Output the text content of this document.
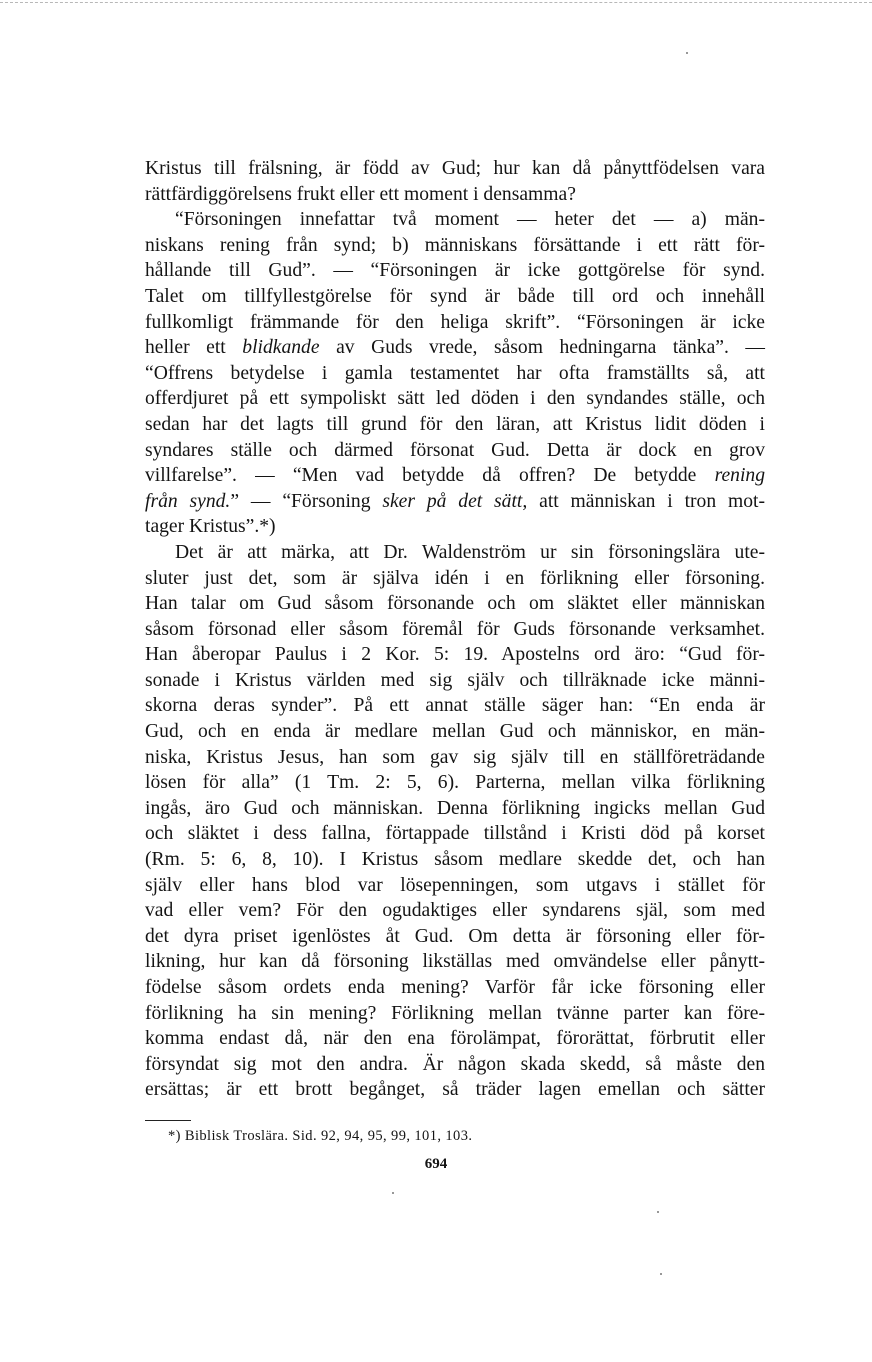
Kristus till frälsning, är född av Gud; hur kan då pånyttfödelsen vara
rättfärdiggörelsens frukt eller ett moment i densamma?
“Försoningen innefattar två moment — heter det — a) män-
niskans rening från synd; b) människans försättande i ett rätt för-
hållande till Gud”. — “Försoningen är icke gottgörelse för synd.
Talet om tillfyllestgörelse för synd är både till ord och innehåll
fullkomligt främmande för den heliga skrift”. “Försoningen är icke
heller ett blidkande av Guds vrede, såsom hedningarna tänka”. —
“Offrens betydelse i gamla testamentet har ofta framställts så, att
offerdjuret på ett sympoliskt sätt led döden i den syndandes ställe, och
sedan har det lagts till grund för den läran, att Kristus lidit döden i
syndares ställe och därmed försonat Gud. Detta är dock en grov
villfarelse”. — “Men vad betydde då offren? De betydde rening
från synd.” — “Försoning sker på det sätt, att människan i tron mot-
tager Kristus”.*)
Det är att märka, att Dr. Waldenström ur sin försoningslära ute-
sluter just det, som är själva idén i en förlikning eller försoning.
Han talar om Gud såsom försonande och om släktet eller människan
såsom försonad eller såsom föremål för Guds försonande verksamhet.
Han åberopar Paulus i 2 Kor. 5: 19. Apostelns ord äro: “Gud för-
sonade i Kristus världen med sig själv och tillräknade icke männi-
skorna deras synder”. På ett annat ställe säger han: “En enda är
Gud, och en enda är medlare mellan Gud och människor, en män-
niska, Kristus Jesus, han som gav sig själv till en ställföreträdande
lösen för alla” (1 Tm. 2: 5, 6). Parterna, mellan vilka förlikning
ingås, äro Gud och människan. Denna förlikning ingicks mellan Gud
och släktet i dess fallna, förtappade tillstånd i Kristi död på korset
(Rm. 5: 6, 8, 10). I Kristus såsom medlare skedde det, och han
själv eller hans blod var lösepenningen, som utgavs i stället för
vad eller vem? För den ogudaktiges eller syndarens själ, som med
det dyra priset igenlöstes åt Gud. Om detta är försoning eller för-
likning, hur kan då försoning likställas med omvändelse eller pånytt-
födelse såsom ordets enda mening? Varför får icke försoning eller
förlikning ha sin mening? Förlikning mellan tvänne parter kan före-
komma endast då, när den ena förolämpat, förorättat, förbrutit eller
försyndat sig mot den andra. Är någon skada skedd, så måste den
ersättas; är ett brott begånget, så träder lagen emellan och sätter
*) Biblisk Troslära. Sid. 92, 94, 95, 99, 101, 103.
694
